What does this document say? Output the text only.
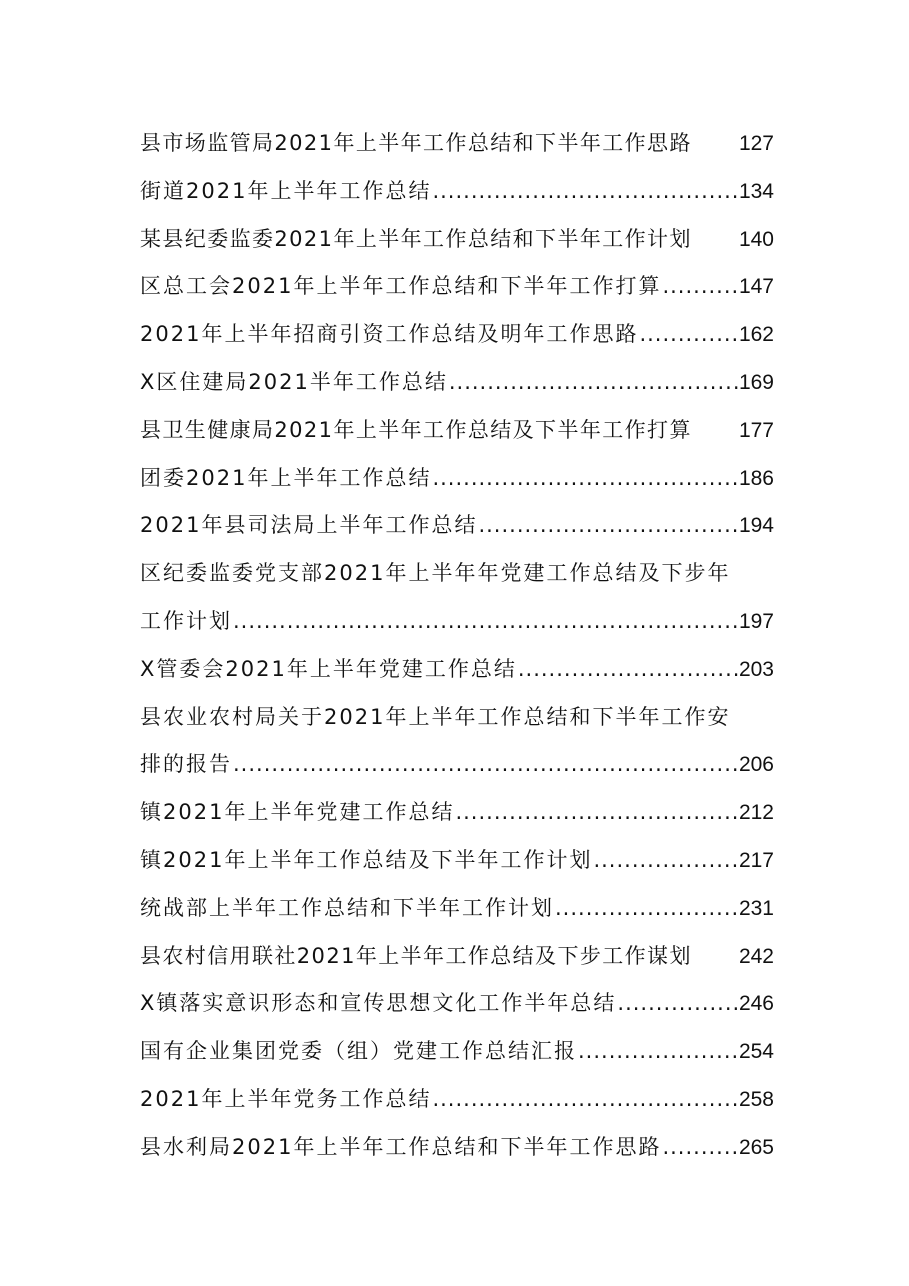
县市场监管局2021年上半年工作总结和下半年工作思路	127
街道2021年上半年工作总结 .....	134
某县纪委监委2021年上半年工作总结和下半年工作计划	140
区总工会2021年上半年工作总结和下半年工作打算 .....	147
2021年上半年招商引资工作总结及明年工作思路 .....	162
X区住建局2021半年工作总结 .....	169
县卫生健康局2021年上半年工作总结及下半年工作打算	177
团委2021年上半年工作总结 .....	186
2021年县司法局上半年工作总结 .....	194
区纪委监委党支部2021年上半年年党建工作总结及下步年
工作计划 .....	197
X管委会2021年上半年党建工作总结 .....	203
县农业农村局关于2021年上半年工作总结和下半年工作安
排的报告 .....	206
镇2021年上半年党建工作总结 .....	212
镇2021年上半年工作总结及下半年工作计划 .....	217
统战部上半年工作总结和下半年工作计划 .....	231
县农村信用联社2021年上半年工作总结及下步工作谋划	242
X镇落实意识形态和宣传思想文化工作半年总结 .....	246
国有企业集团党委（组）党建工作总结汇报 .....	254
2021年上半年党务工作总结 .....	258
县水利局2021年上半年工作总结和下半年工作思路 .....	265
